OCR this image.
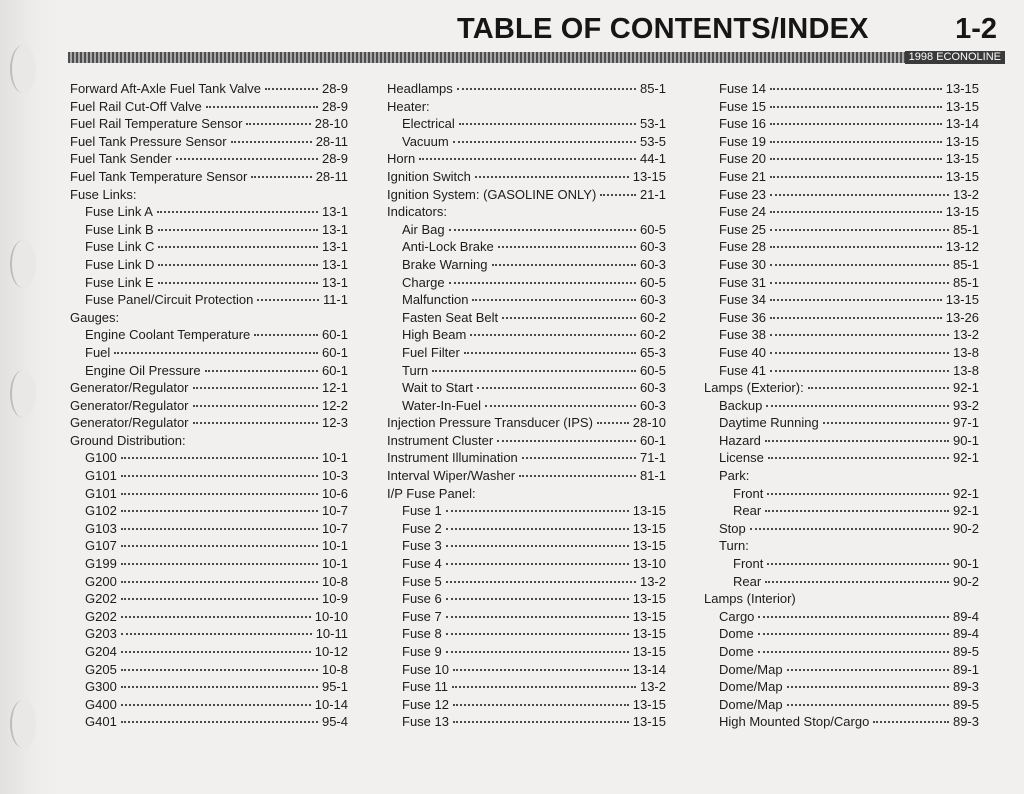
TABLE OF CONTENTS/INDEX	1-2
1998 ECONOLINE
Forward Aft-Axle Fuel Tank Valve	28-9
Fuel Rail Cut-Off Valve	28-9
Fuel Rail Temperature Sensor	28-10
Fuel Tank Pressure Sensor	28-11
Fuel Tank Sender	28-9
Fuel Tank Temperature Sensor	28-11
Fuse Links:
Fuse Link A	13-1
Fuse Link B	13-1
Fuse Link C	13-1
Fuse Link D	13-1
Fuse Link E	13-1
Fuse Panel/Circuit Protection	11-1
Gauges:
Engine Coolant Temperature	60-1
Fuel	60-1
Engine Oil Pressure	60-1
Generator/Regulator	12-1
Generator/Regulator	12-2
Generator/Regulator	12-3
Ground Distribution:
G100	10-1
G101	10-3
G101	10-6
G102	10-7
G103	10-7
G107	10-1
G199	10-1
G200	10-8
G202	10-9
G202	10-10
G203	10-11
G204	10-12
G205	10-8
G300	95-1
G400	10-14
G401	95-4
Headlamps	85-1
Heater:
Electrical	53-1
Vacuum	53-5
Horn	44-1
Ignition Switch	13-15
Ignition System: (GASOLINE ONLY)	21-1
Indicators:
Air Bag	60-5
Anti-Lock Brake	60-3
Brake Warning	60-3
Charge	60-5
Malfunction	60-3
Fasten Seat Belt	60-2
High Beam	60-2
Fuel Filter	65-3
Turn	60-5
Wait to Start	60-3
Water-In-Fuel	60-3
Injection Pressure Transducer (IPS)	28-10
Instrument Cluster	60-1
Instrument Illumination	71-1
Interval Wiper/Washer	81-1
I/P Fuse Panel:
Fuse 1	13-15
Fuse 2	13-15
Fuse 3	13-15
Fuse 4	13-10
Fuse 5	13-2
Fuse 6	13-15
Fuse 7	13-15
Fuse 8	13-15
Fuse 9	13-15
Fuse 10	13-14
Fuse 11	13-2
Fuse 12	13-15
Fuse 13	13-15
Fuse 14	13-15
Fuse 15	13-15
Fuse 16	13-14
Fuse 19	13-15
Fuse 20	13-15
Fuse 21	13-15
Fuse 23	13-2
Fuse 24	13-15
Fuse 25	85-1
Fuse 28	13-12
Fuse 30	85-1
Fuse 31	85-1
Fuse 34	13-15
Fuse 36	13-26
Fuse 38	13-2
Fuse 40	13-8
Fuse 41	13-8
Lamps (Exterior):	92-1
Backup	93-2
Daytime Running	97-1
Hazard	90-1
License	92-1
Park:
Front	92-1
Rear	92-1
Stop	90-2
Turn:
Front	90-1
Rear	90-2
Lamps (Interior)
Cargo	89-4
Dome	89-4
Dome	89-5
Dome/Map	89-1
Dome/Map	89-3
Dome/Map	89-5
High Mounted Stop/Cargo	89-3
